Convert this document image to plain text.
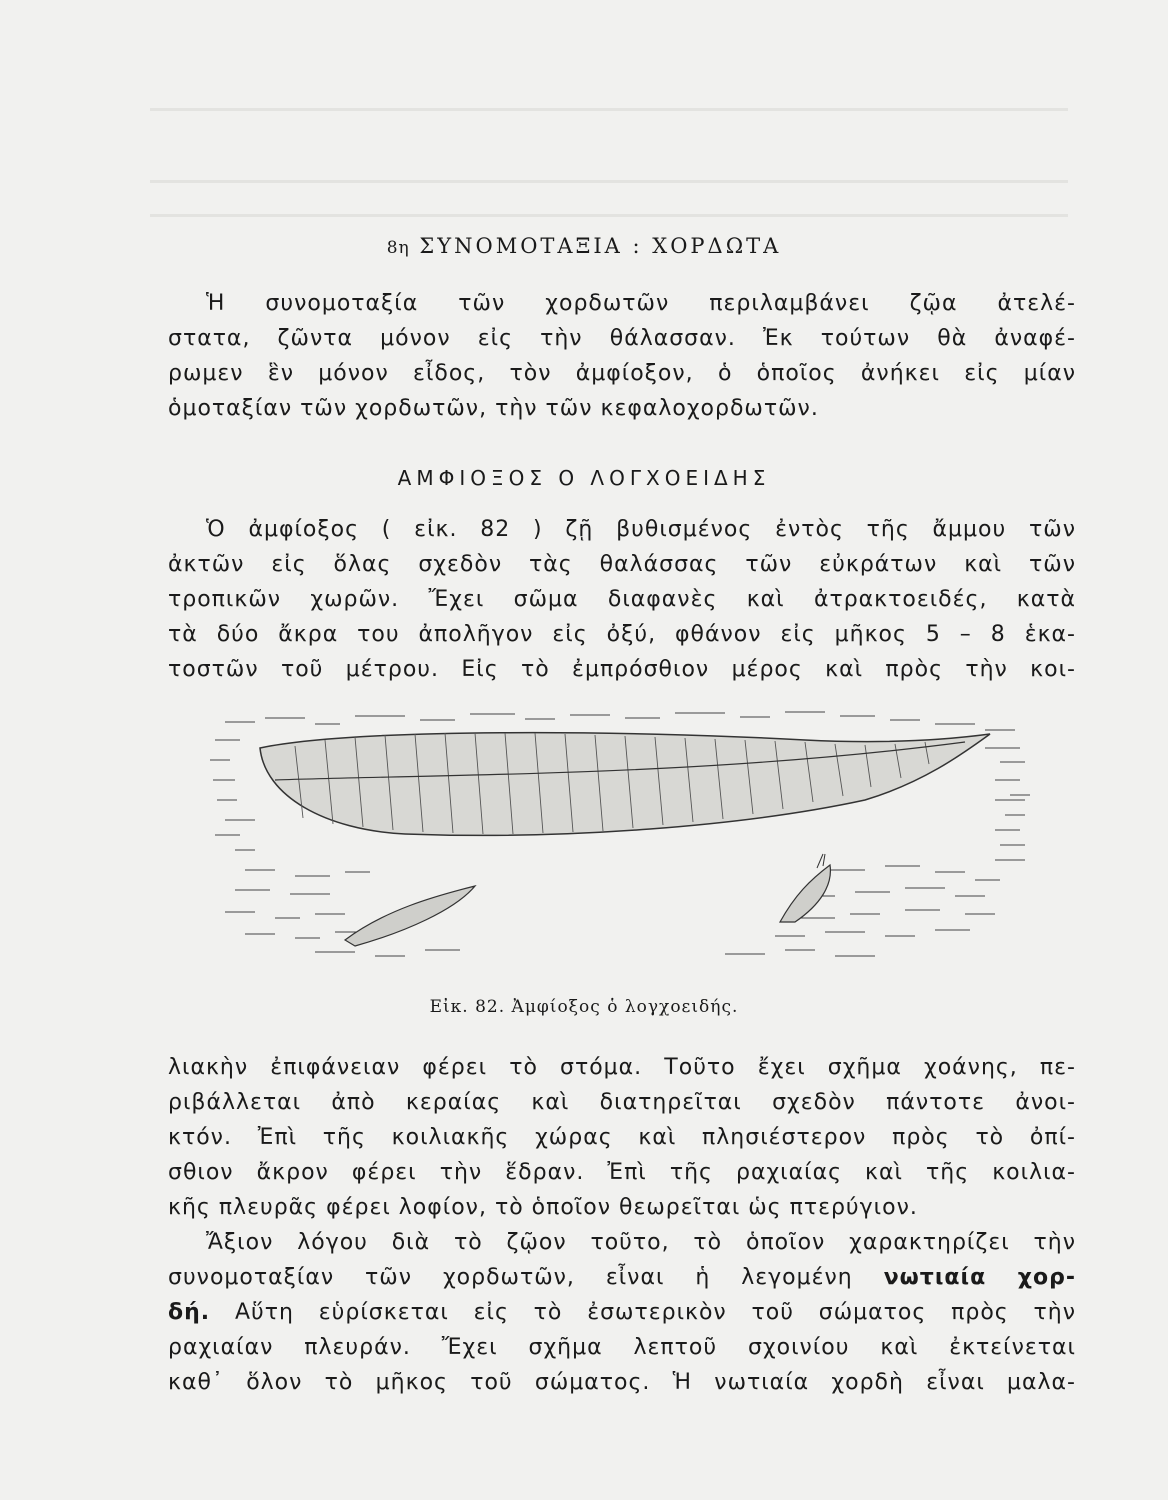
8η ΣΥΝΟΜΟΤΑΞΙΑ : ΧΟΡΔΩΤΑ
Ἡ συνομοταξία τῶν χορδωτῶν περιλαμβάνει ζῷα ἀτελέ-
στατα, ζῶντα μόνον εἰς τὴν θάλασσαν. Ἐκ τούτων θὰ ἀναφέ-
ρωμεν ἓν μόνον εἶδος, τὸν ἀμφίοξον, ὁ ὁποῖος ἀνήκει εἰς μίαν
ὁμοταξίαν τῶν χορδωτῶν, τὴν τῶν κεφαλοχορδωτῶν.
ΑΜΦΙΟΞΟΣ Ο ΛΟΓΧΟΕΙΔΗΣ
Ὁ ἀμφίοξος ( εἰκ. 82 ) ζῇ βυθισμένος ἐντὸς τῆς ἄμμου τῶν
ἀκτῶν εἰς ὅλας σχεδὸν τὰς θαλάσσας τῶν εὐκράτων καὶ τῶν
τροπικῶν χωρῶν. Ἔχει σῶμα διαφανὲς καὶ ἀτρακτοειδές, κατὰ
τὰ δύο ἄκρα του ἀπολῆγον εἰς ὀξύ, φθάνον εἰς μῆκος 5 – 8 ἑκα-
τοστῶν τοῦ μέτρου. Εἰς τὸ ἐμπρόσθιον μέρος καὶ πρὸς τὴν κοι-
Εἰκ. 82. Ἀμφίοξος ὁ λογχοειδής.
λιακὴν ἐπιφάνειαν φέρει τὸ στόμα. Τοῦτο ἔχει σχῆμα χοάνης, πε-
ριβάλλεται ἀπὸ κεραίας καὶ διατηρεῖται σχεδὸν πάντοτε ἀνοι-
κτόν. Ἐπὶ τῆς κοιλιακῆς χώρας καὶ πλησιέστερον πρὸς τὸ ὀπί-
σθιον ἄκρον φέρει τὴν ἕδραν. Ἐπὶ τῆς ραχιαίας καὶ τῆς κοιλια-
κῆς πλευρᾶς φέρει λοφίον, τὸ ὁποῖον θεωρεῖται ὡς πτερύγιον.
Ἄξιον λόγου διὰ τὸ ζῷον τοῦτο, τὸ ὁποῖον χαρακτηρίζει τὴν
συνομοταξίαν τῶν χορδωτῶν, εἶναι ἡ λεγομένη νωτιαία χορ-
δή. Αὕτη εὑρίσκεται εἰς τὸ ἐσωτερικὸν τοῦ σώματος πρὸς τὴν
ραχιαίαν πλευράν. Ἔχει σχῆμα λεπτοῦ σχοινίου καὶ ἐκτείνεται
καθ᾽ ὅλον τὸ μῆκος τοῦ σώματος. Ἡ νωτιαία χορδὴ εἶναι μαλα-
